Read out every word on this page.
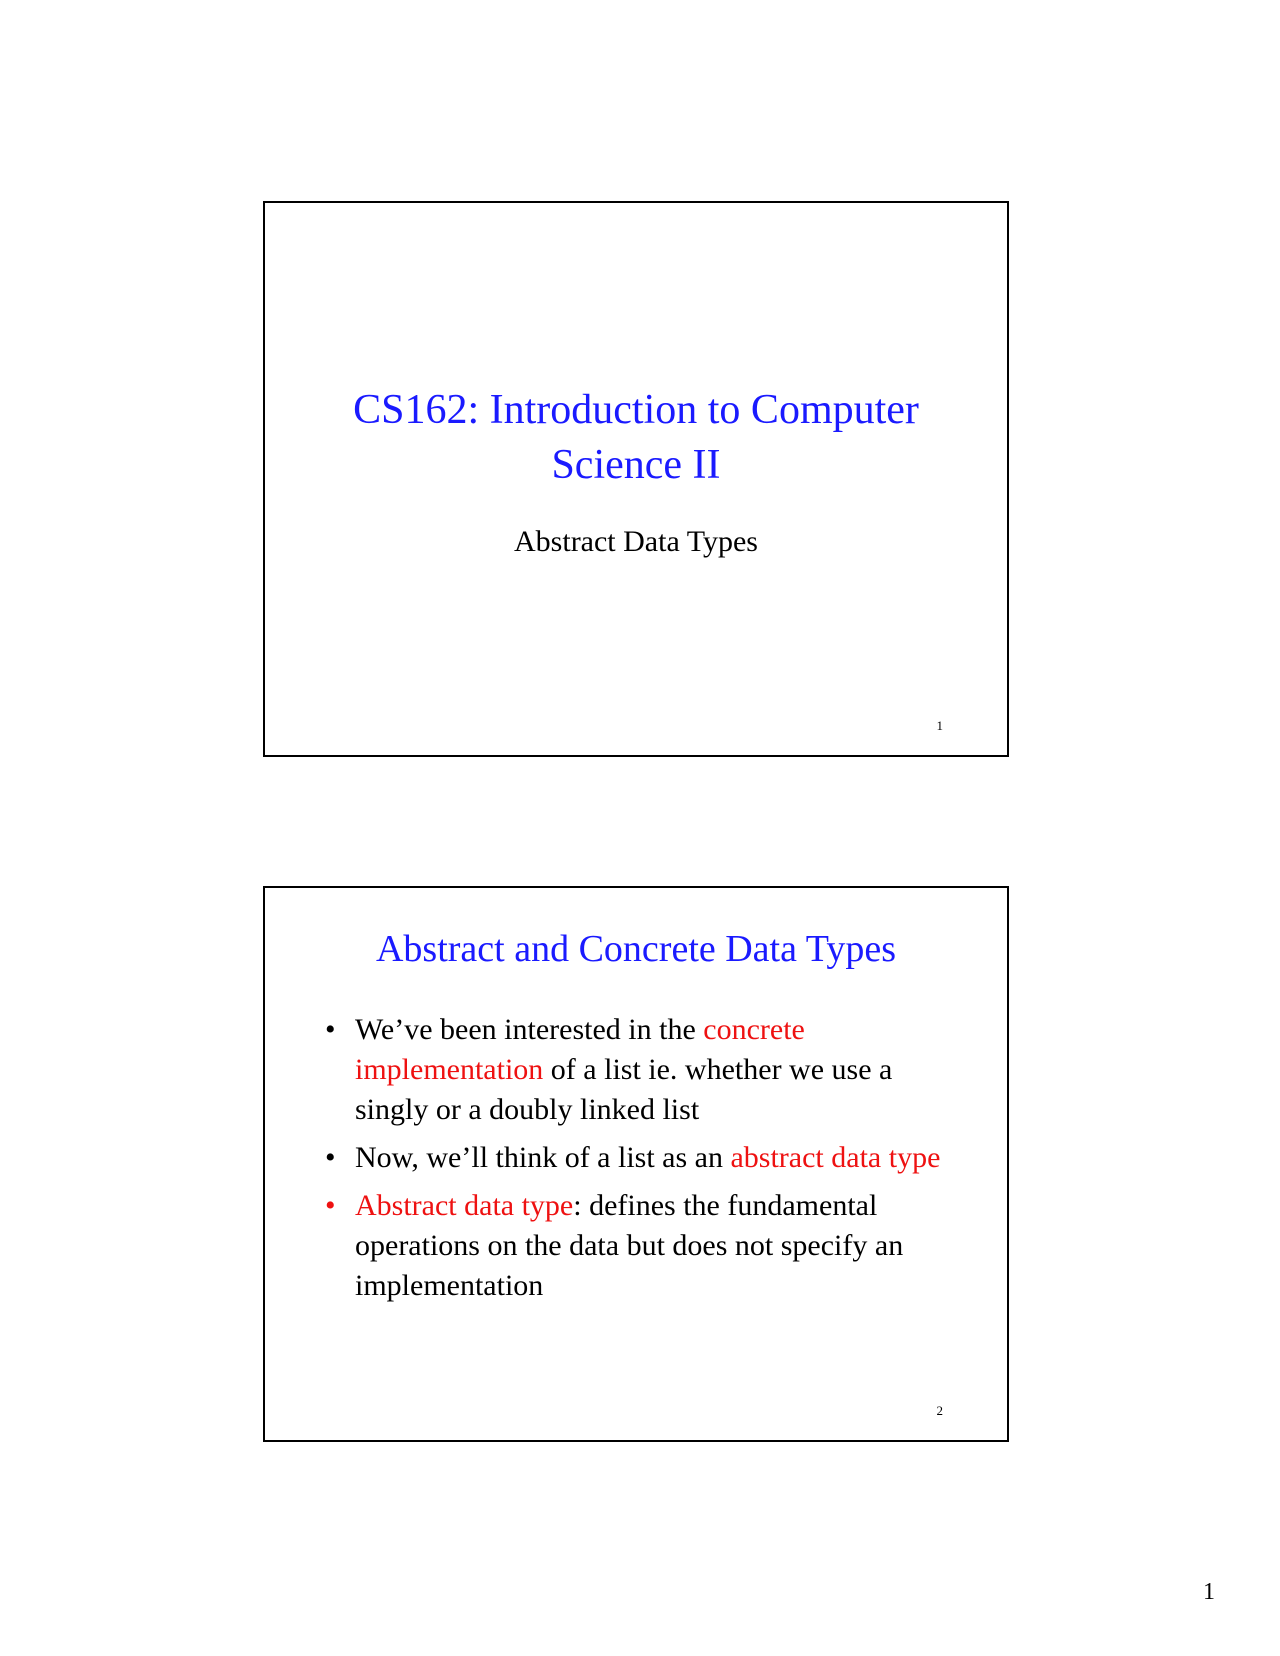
CS162: Introduction to Computer
Science II
Abstract Data Types
1
Abstract and Concrete Data Types
• We’ve been interested in the concrete implementation of a list ie. whether we use a singly or a doubly linked list
• Now, we’ll think of a list as an abstract data type
• Abstract data type: defines the fundamental operations on the data but does not specify an implementation
2
1
